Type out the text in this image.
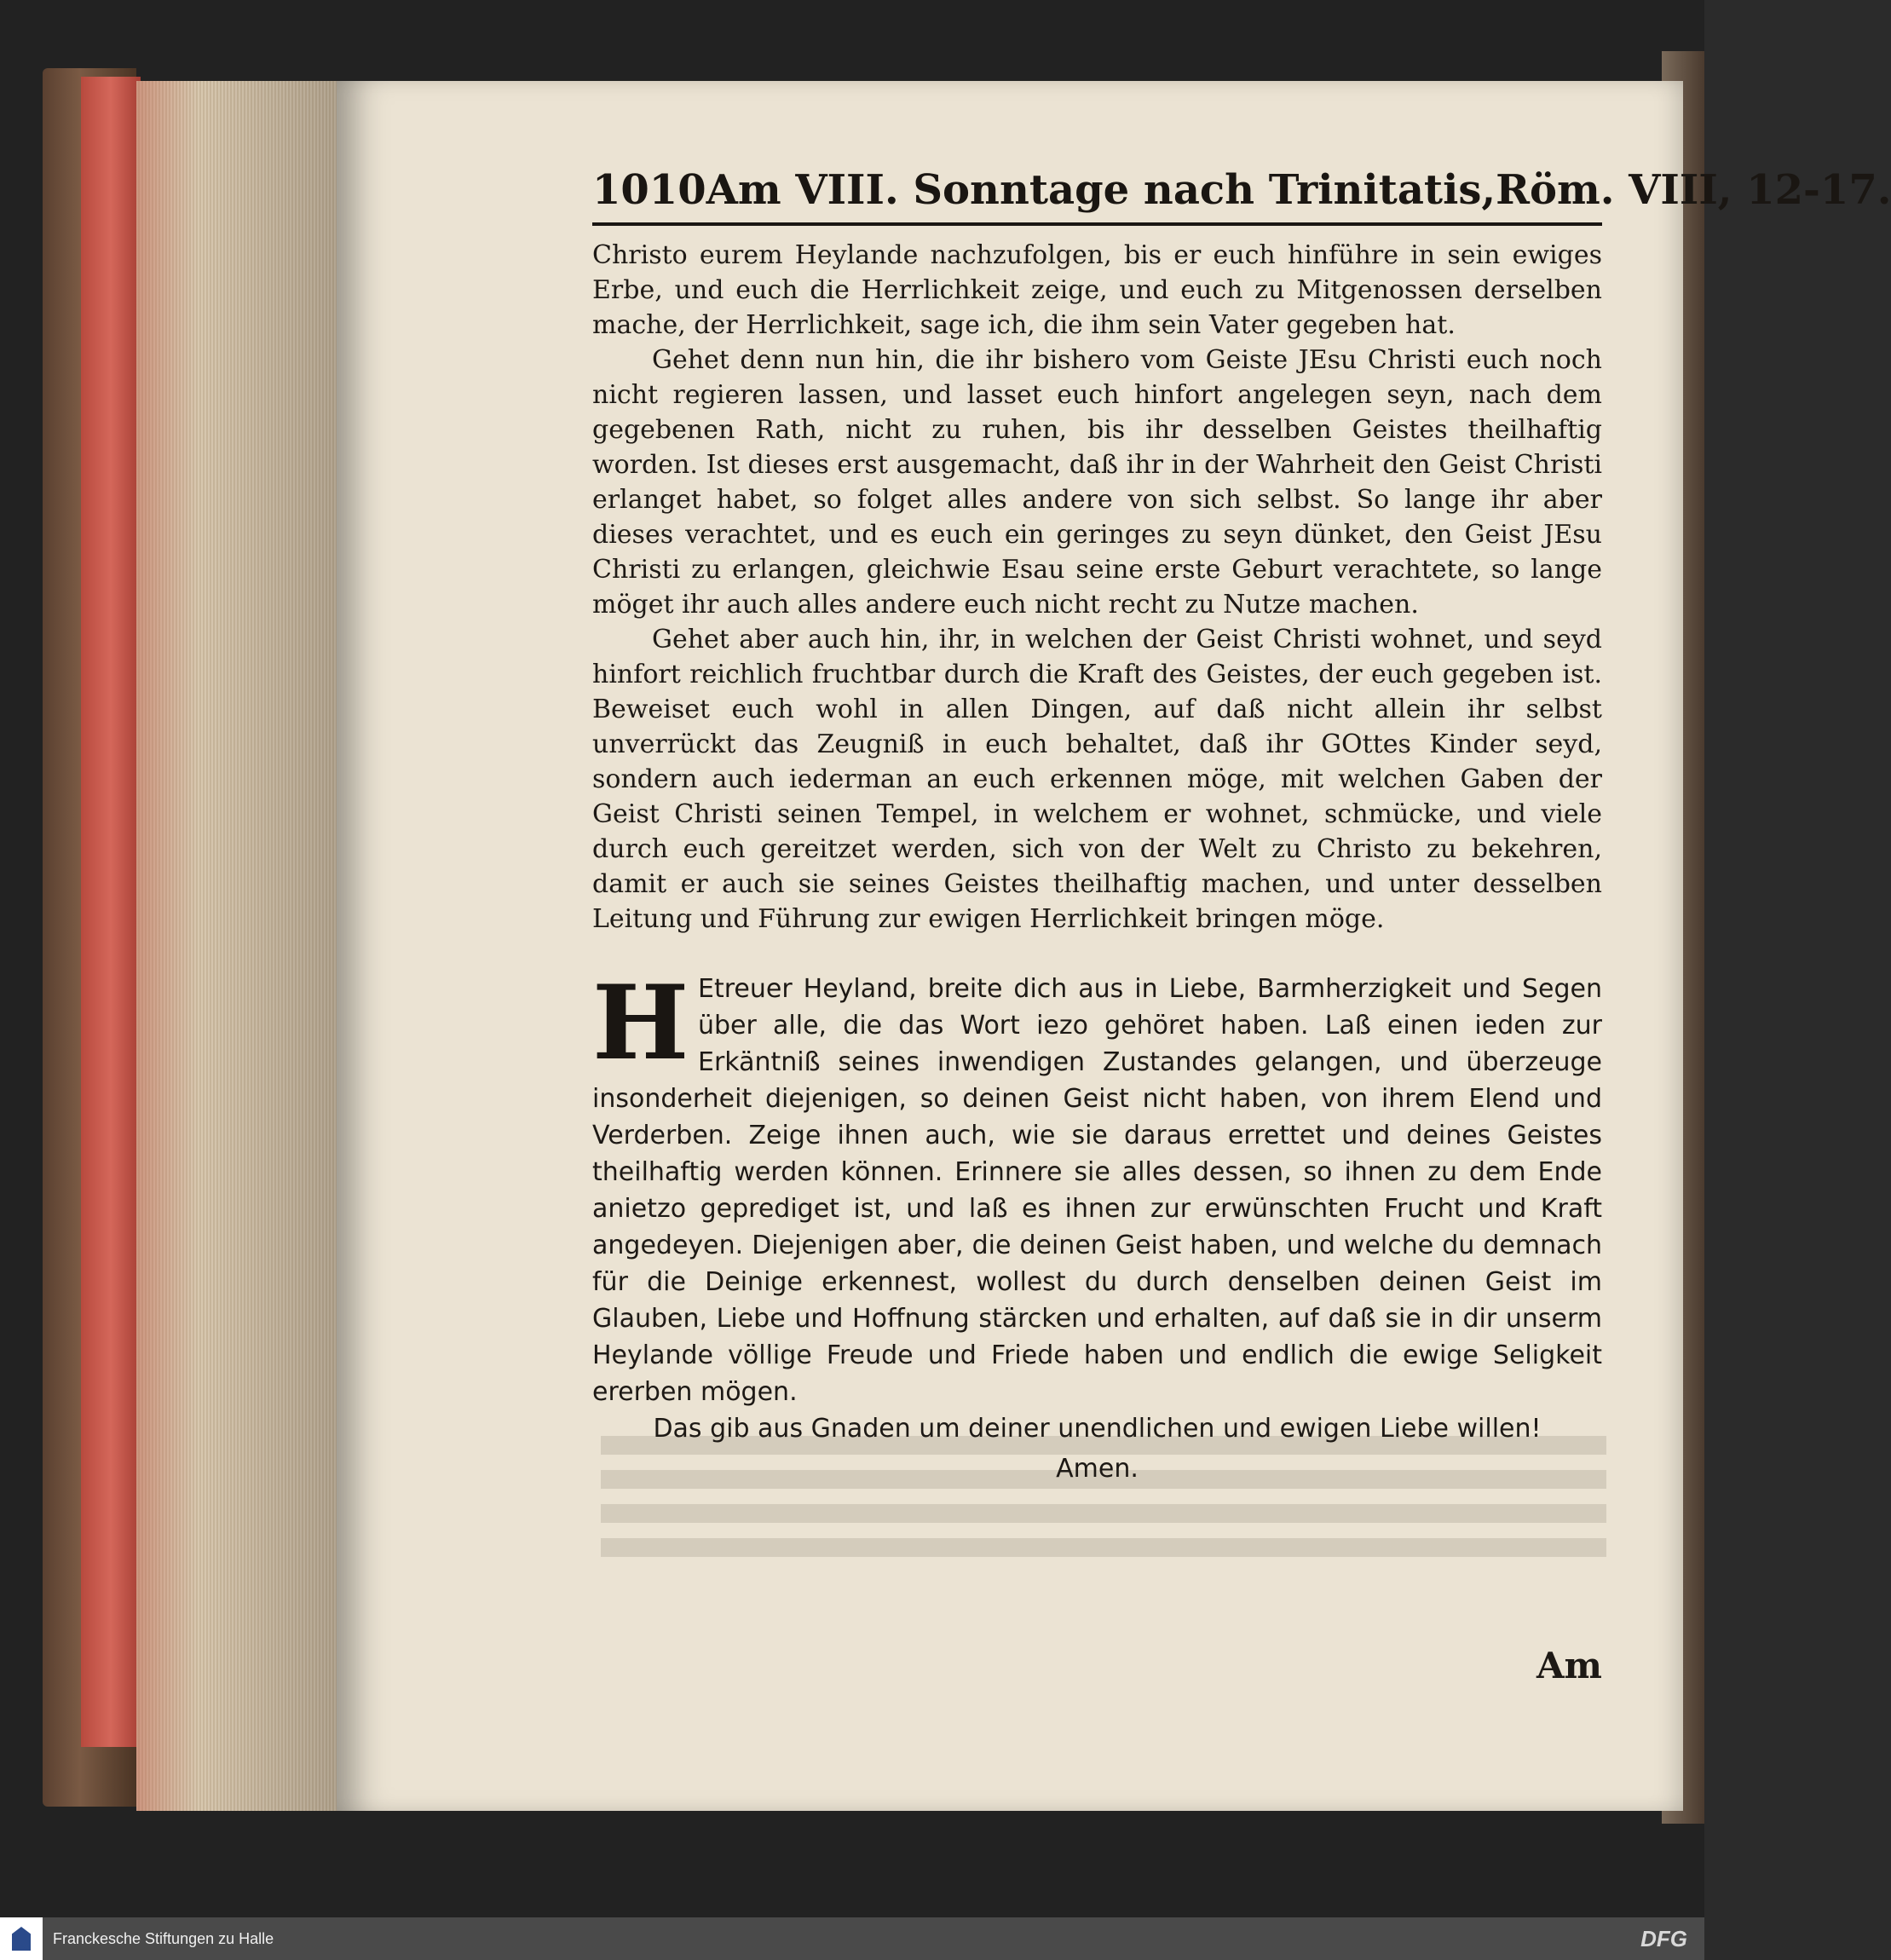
1010 Am VIII. Sonntage nach Trinitatis, Röm. VIII, 12-17.

Christo eurem Heylande nachzufolgen, bis er euch hinführe in sein ewiges Erbe, und euch die Herrlichkeit zeige, und euch zu Mitgenossen derselben mache, der Herrlichkeit, sage ich, die ihm sein Vater gegeben hat.

Gehet denn nun hin, die ihr bishero vom Geiste JEsu Christi euch noch nicht regieren lassen, und lasset euch hinfort angelegen seyn, nach dem gegebenen Rath, nicht zu ruhen, bis ihr desselben Geistes theilhaftig worden. Ist dieses erst ausgemacht, daß ihr in der Wahrheit den Geist Christi erlanget habet, so folget alles andere von sich selbst. So lange ihr aber dieses verachtet, und es euch ein geringes zu seyn dünket, den Geist JEsu Christi zu erlangen, gleichwie Esau seine erste Geburt verachtete, so lange möget ihr auch alles andere euch nicht recht zu Nutze machen.

Gehet aber auch hin, ihr, in welchen der Geist Christi wohnet, und seyd hinfort reichlich fruchtbar durch die Kraft des Geistes, der euch gegeben ist. Beweiset euch wohl in allen Dingen, auf daß nicht allein ihr selbst unverrückt das Zeugniß in euch behaltet, daß ihr GOttes Kinder seyd, sondern auch iederman an euch erkennen möge, mit welchen Gaben der Geist Christi seinen Tempel, in welchem er wohnet, schmücke, und viele durch euch gereitzet werden, sich von der Welt zu Christo zu bekehren, damit er auch sie seines Geistes theilhaftig machen, und unter desselben Leitung und Führung zur ewigen Herrlichkeit bringen möge.

H Etreuer Heyland, breite dich aus in Liebe, Barmherzigkeit und Segen über alle, die das Wort iezo gehöret haben. Laß einen ieden zur Erkäntniß seines inwendigen Zustandes gelangen, und überzeuge insonderheit diejenigen, so deinen Geist nicht haben, von ihrem Elend und Verderben. Zeige ihnen auch, wie sie daraus errettet und deines Geistes theilhaftig werden können. Erinnere sie alles dessen, so ihnen zu dem Ende anietzo geprediget ist, und laß es ihnen zur erwünschten Frucht und Kraft angedeyen. Diejenigen aber, die deinen Geist haben, und welche du demnach für die Deinige erkennest, wollest du durch denselben deinen Geist im Glauben, Liebe und Hoffnung stärcken und erhalten, auf daß sie in dir unserm Heylande völlige Freude und Friede haben und endlich die ewige Seligkeit ererben mögen.
Das gib aus Gnaden um deiner unendlichen und ewigen Liebe willen!
Amen.
Am
Franckesche Stiftungen zu Halle	DFG
